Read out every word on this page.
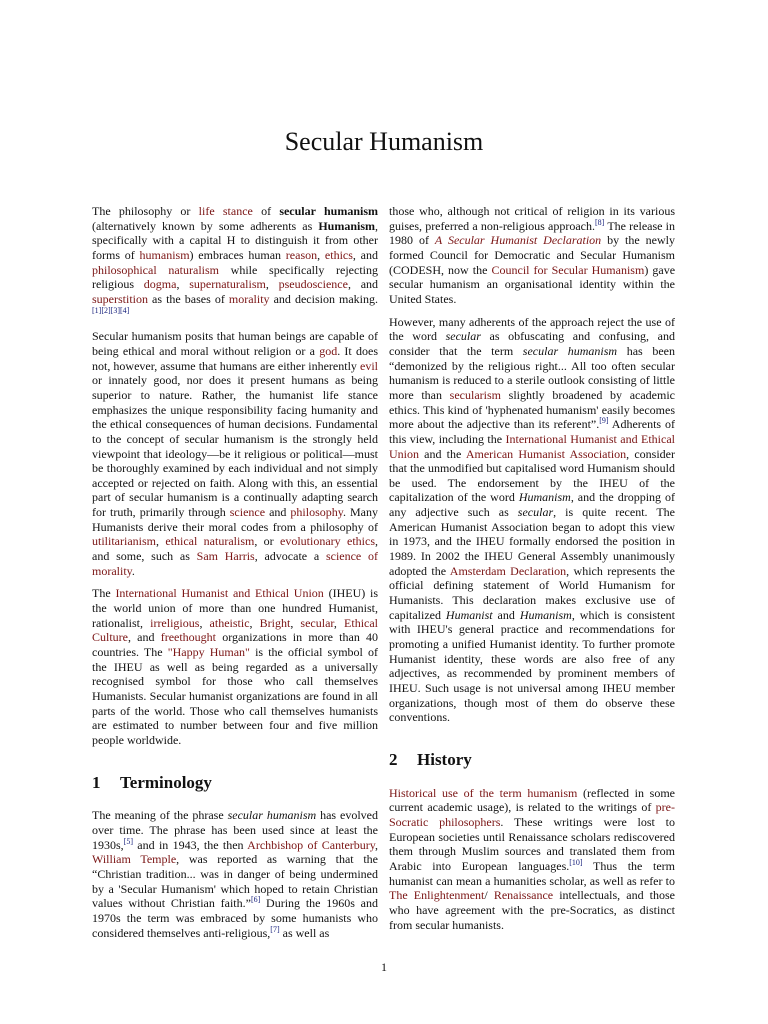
Secular Humanism

The philosophy or life stance of secular humanism (alternatively known by some adherents as Humanism, specifically with a capital H to distinguish it from other forms of humanism) embraces human reason, ethics, and philosophical naturalism while specifically rejecting religious dogma, supernaturalism, pseudoscience, and superstition as the bases of morality and decision making.[1][2][3][4]

Secular humanism posits that human beings are capable of being ethical and moral without religion or a god. It does not, however, assume that humans are either inherently evil or innately good, nor does it present humans as being superior to nature. Rather, the humanist life stance emphasizes the unique responsibility facing humanity and the ethical consequences of human decisions. Fundamental to the concept of secular humanism is the strongly held viewpoint that ideology—be it religious or political—must be thoroughly examined by each individual and not simply accepted or rejected on faith. Along with this, an essential part of secular humanism is a continually adapting search for truth, primarily through science and philosophy. Many Humanists derive their moral codes from a philosophy of utilitarianism, ethical naturalism, or evolutionary ethics, and some, such as Sam Harris, advocate a science of morality.

The International Humanist and Ethical Union (IHEU) is the world union of more than one hundred Humanist, rationalist, irreligious, atheistic, Bright, secular, Ethical Culture, and freethought organizations in more than 40 countries. The "Happy Human" is the official symbol of the IHEU as well as being regarded as a universally recognised symbol for those who call themselves Humanists. Secular humanist organizations are found in all parts of the world. Those who call themselves humanists are estimated to number between four and five million people worldwide.

1 Terminology

The meaning of the phrase secular humanism has evolved over time. The phrase has been used since at least the 1930s,[5] and in 1943, the then Archbishop of Canterbury, William Temple, was reported as warning that the “Christian tradition... was in danger of being undermined by a 'Secular Humanism' which hoped to retain Christian values without Christian faith.”[6] During the 1960s and 1970s the term was embraced by some humanists who considered themselves anti-religious,[7] as well as

those who, although not critical of religion in its various guises, preferred a non-religious approach.[8] The release in 1980 of A Secular Humanist Declaration by the newly formed Council for Democratic and Secular Humanism (CODESH, now the Council for Secular Humanism) gave secular humanism an organisational identity within the United States.

However, many adherents of the approach reject the use of the word secular as obfuscating and confusing, and consider that the term secular humanism has been “demonized by the religious right... All too often secular humanism is reduced to a sterile outlook consisting of little more than secularism slightly broadened by academic ethics. This kind of 'hyphenated humanism' easily becomes more about the adjective than its referent”.[9] Adherents of this view, including the International Humanist and Ethical Union and the American Humanist Association, consider that the unmodified but capitalised word Humanism should be used. The endorsement by the IHEU of the capitalization of the word Humanism, and the dropping of any adjective such as secular, is quite recent. The American Humanist Association began to adopt this view in 1973, and the IHEU formally endorsed the position in 1989. In 2002 the IHEU General Assembly unanimously adopted the Amsterdam Declaration, which represents the official defining statement of World Humanism for Humanists. This declaration makes exclusive use of capitalized Humanist and Humanism, which is consistent with IHEU's general practice and recommendations for promoting a unified Humanist identity. To further promote Humanist identity, these words are also free of any adjectives, as recommended by prominent members of IHEU. Such usage is not universal among IHEU member organizations, though most of them do observe these conventions.

2 History

Historical use of the term humanism (reflected in some current academic usage), is related to the writings of pre-Socratic philosophers. These writings were lost to European societies until Renaissance scholars rediscovered them through Muslim sources and translated them from Arabic into European languages.[10] Thus the term humanist can mean a humanities scholar, as well as refer to The Enlightenment/ Renaissance intellectuals, and those who have agreement with the pre-Socratics, as distinct from secular humanists.

1
